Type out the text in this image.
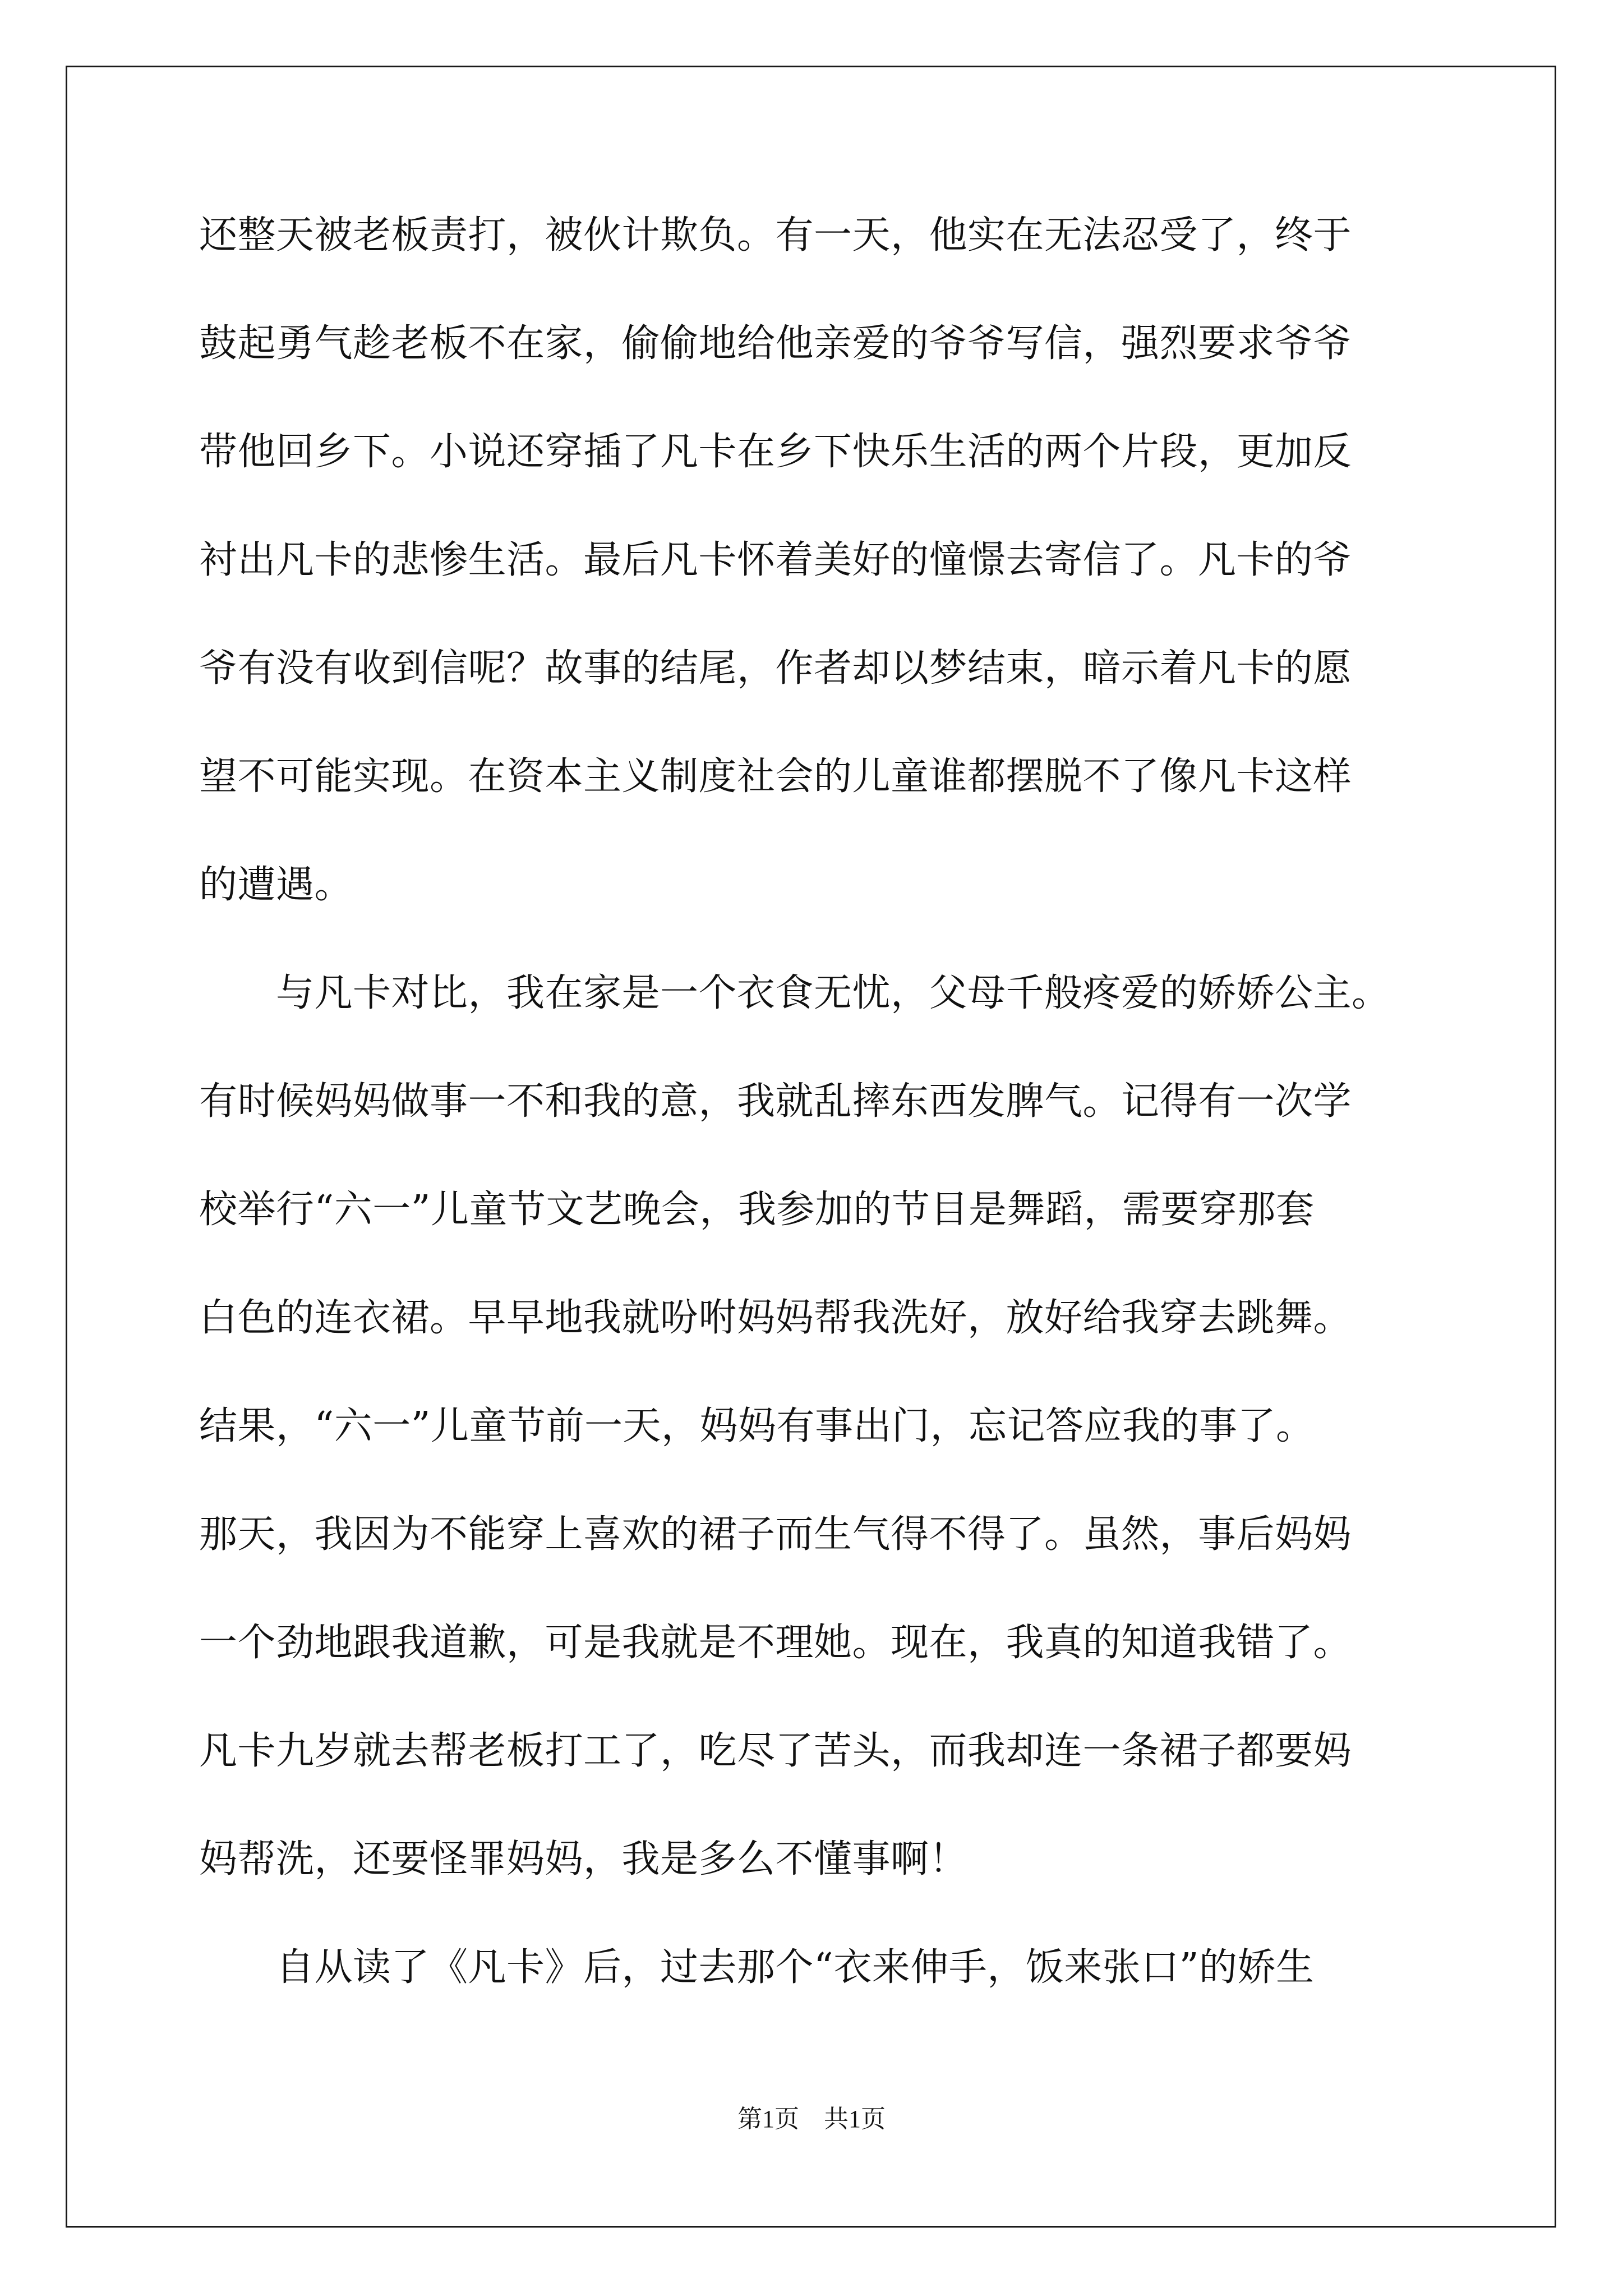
还整天被老板责打，被伙计欺负。有一天，他实在无法忍受了，终于
鼓起勇气趁老板不在家，偷偷地给他亲爱的爷爷写信，强烈要求爷爷
带他回乡下。小说还穿插了凡卡在乡下快乐生活的两个片段，更加反
衬出凡卡的悲惨生活。最后凡卡怀着美好的憧憬去寄信了。凡卡的爷
爷有没有收到信呢？故事的结尾，作者却以梦结束，暗示着凡卡的愿
望不可能实现。在资本主义制度社会的儿童谁都摆脱不了像凡卡这样
的遭遇。
　　与凡卡对比，我在家是一个衣食无忧，父母千般疼爱的娇娇公主。
有时候妈妈做事一不和我的意，我就乱摔东西发脾气。记得有一次学
校举行“六一”儿童节文艺晚会，我参加的节目是舞蹈，需要穿那套
白色的连衣裙。早早地我就吩咐妈妈帮我洗好，放好给我穿去跳舞。
结果，“六一”儿童节前一天，妈妈有事出门，忘记答应我的事了。
那天，我因为不能穿上喜欢的裙子而生气得不得了。虽然，事后妈妈
一个劲地跟我道歉，可是我就是不理她。现在，我真的知道我错了。
凡卡九岁就去帮老板打工了，吃尽了苦头，而我却连一条裙子都要妈
妈帮洗，还要怪罪妈妈，我是多么不懂事啊！
　　自从读了《凡卡》后，过去那个“衣来伸手，饭来张口”的娇生
第1页　共1页
